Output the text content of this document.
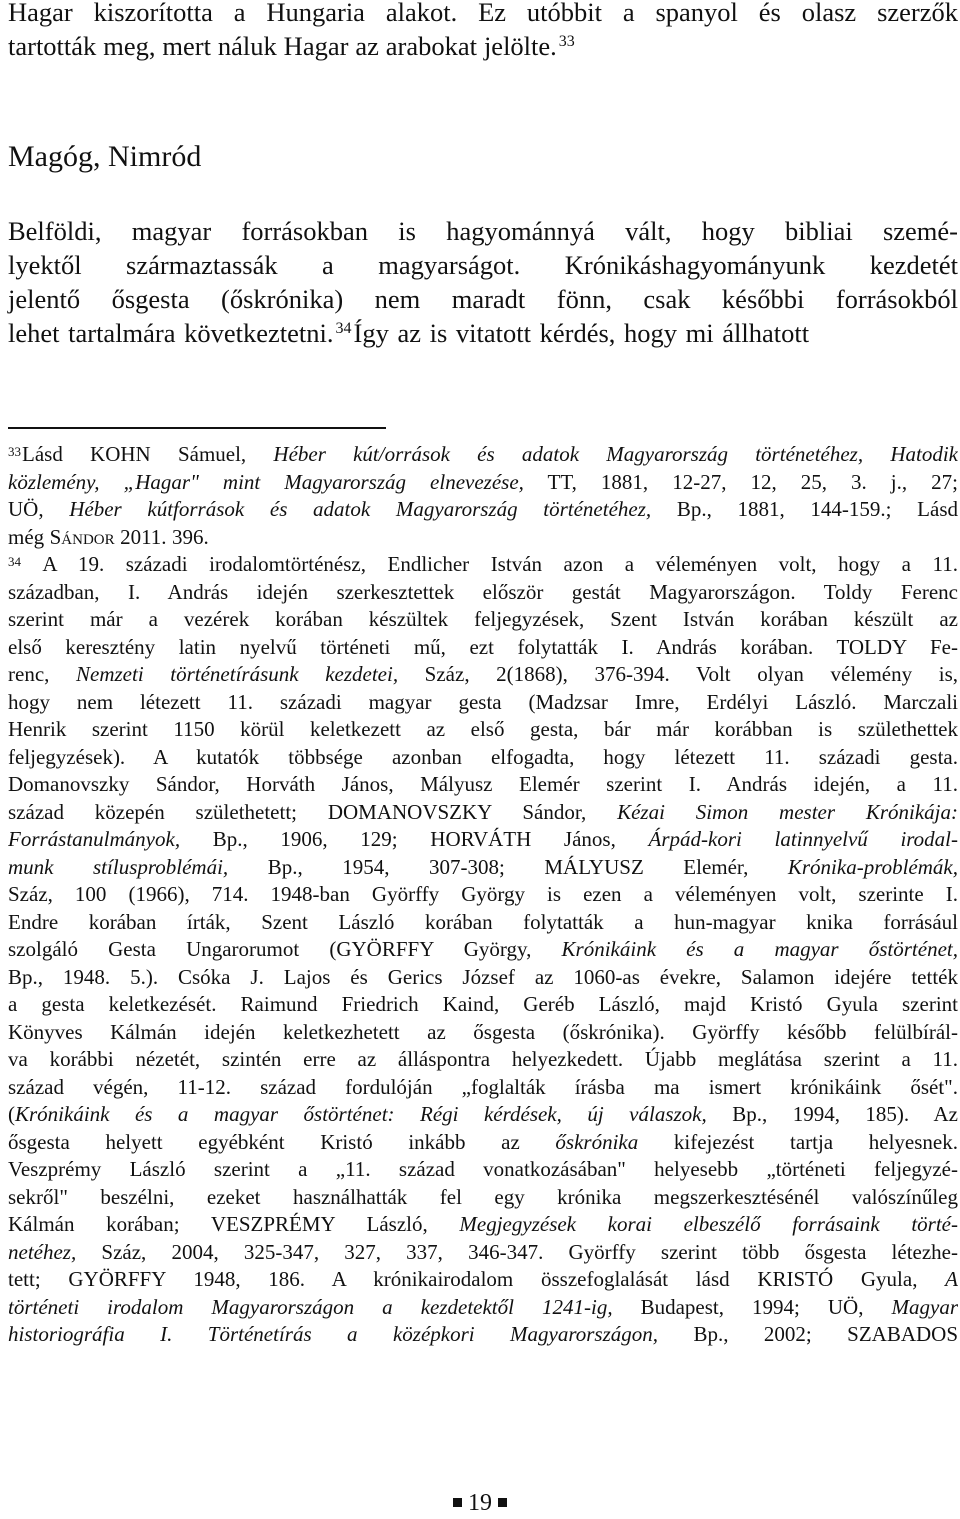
Hagar kiszorította a Hungaria alakot. Ez utóbbit a spanyol és olasz szerzők
tartották meg, mert náluk Hagar az arabokat jelölte. $^{33}$
Magóg, Nimród
Belföldi, magyar forrásokban is hagyománnyá vált, hogy bibliai szemé-
lyektől származtassák a magyarságot. Krónikáshagyományunk kezdetét
jelentő ősgesta (őskrónika) nem maradt fönn, csak későbbi forrásokból
lehet tartalmára következtetni. $^{34}$Így az is vitatott kérdés, hogy mi állhatott
$^{33}$Lásd KOHN Sámuel, Héber kút/orrások és adatok Magyarország történetéhez, Hatodik
közlemény, „Hagar" mint Magyarország elnevezése, TT, 1881, 12-27, 12, 25, 3. j., 27;
UÖ, Héber kútforrások és adatok Magyarország történetéhez, Bp., 1881, 144-159.; Lásd
még Sándor 2011. 396.
$^{34}$ A 19. századi irodalomtörténész, Endlicher István azon a véleményen volt, hogy a 11.
században, I. András idején szerkesztettek először gestát Magyarországon. Toldy Ferenc
szerint már a vezérek korában készültek feljegyzések, Szent István korában készült az
első keresztény latin nyelvű történeti mű, ezt folytatták I. András korában. TOLDY Fe-
renc, Nemzeti történetírásunk kezdetei, Száz, 2(1868), 376-394. Volt olyan vélemény is,
hogy nem létezett 11. századi magyar gesta (Madzsar Imre, Erdélyi László. Marczali
Henrik szerint 1150 körül keletkezett az első gesta, bár már korábban is születhettek
feljegyzések). A kutatók többsége azonban elfogadta, hogy létezett 11. századi gesta.
Domanovszky Sándor, Horváth János, Mályusz Elemér szerint I. András idején, a 11.
század közepén születhetett; DOMANOVSZKY Sándor, Kézai Simon mester Krónikája:
Forrástanulmányok, Bp., 1906, 129; HORVÁTH János, Árpád-kori latinnyelvű irodal-
munk stílusproblémái, Bp., 1954, 307-308; MÁLYUSZ Elemér, Krónika-problémák,
Száz, 100 (1966), 714. 1948-ban Györffy György is ezen a véleményen volt, szerinte I.
Endre korában írták, Szent László korában folytatták a hun-magyar knika forrásául
szolgáló Gesta Ungarorumot (GYÖRFFY György, Krónikáink és a magyar őstörténet,
Bp., 1948. 5.). Csóka J. Lajos és Gerics József az 1060-as évekre, Salamon idejére tették
a gesta keletkezését. Raimund Friedrich Kaind, Geréb László, majd Kristó Gyula szerint
Könyves Kálmán idején keletkezhetett az ősgesta (őskrónika). Györffy később felülbírál-
va korábbi nézetét, szintén erre az álláspontra helyezkedett. Újabb meglátása szerint a 11.
század végén, 11-12. század fordulóján „foglalták írásba ma ismert krónikáink ősét".
(Krónikáink és a magyar őstörténet: Régi kérdések, új válaszok, Bp., 1994, 185). Az
ősgesta helyett egyébként Kristó inkább az őskrónika kifejezést tartja helyesnek.
Veszprémy László szerint a „11. század vonatkozásában" helyesebb „történeti feljegyzé-
sekről" beszélni, ezeket használhatták fel egy krónika megszerkesztésénél valószínűleg
Kálmán korában; VESZPRÉMY László, Megjegyzések korai elbeszélő forrásaink törté-
netéhez, Száz, 2004, 325-347, 327, 337, 346-347. Györffy szerint több ősgesta létezhe-
tett; GYÖRFFY 1948, 186. A krónikairodalom összefoglalását lásd KRISTÓ Gyula, A
történeti irodalom Magyarországon a kezdetektől 1241-ig, Budapest, 1994; UÖ, Magyar
historiográfia I. Történetírás a középkori Magyarországon, Bp., 2002; SZABADOS
19
